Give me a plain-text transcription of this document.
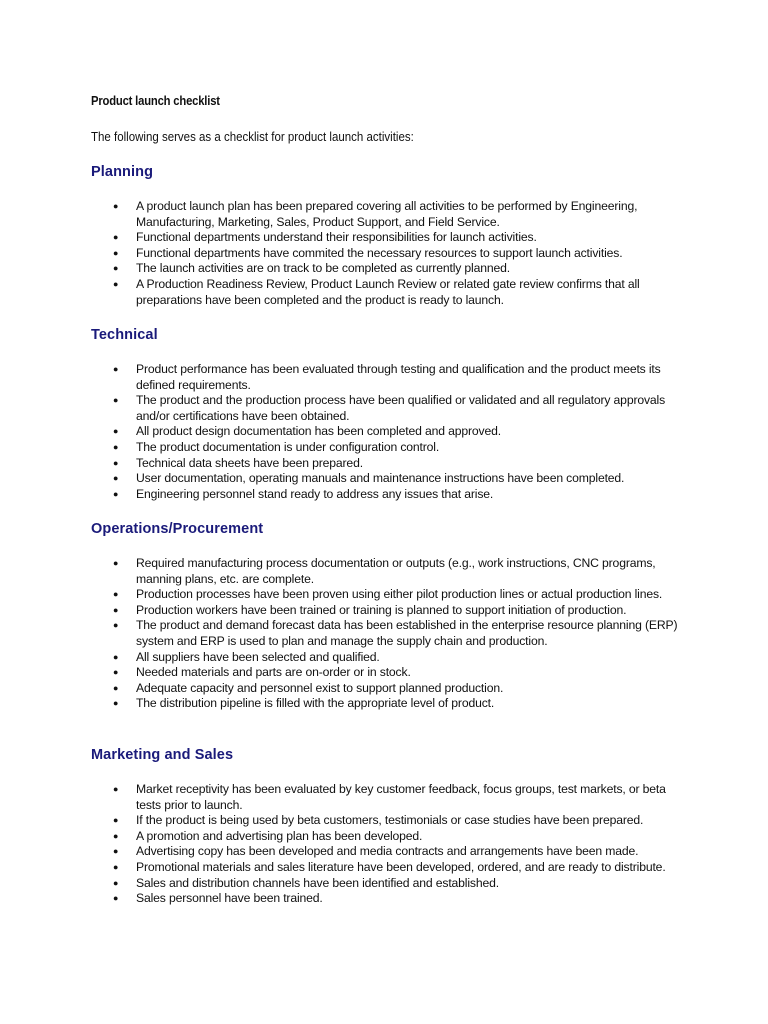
Product launch checklist

The following serves as a checklist for product launch activities:

Planning
● A product launch plan has been prepared covering all activities to be performed by Engineering, Manufacturing, Marketing, Sales, Product Support, and Field Service.
● Functional departments understand their responsibilities for launch activities.
● Functional departments have commited the necessary resources to support launch activities.
● The launch activities are on track to be completed as currently planned.
● A Production Readiness Review, Product Launch Review or related gate review confirms that all preparations have been completed and the product is ready to launch.
Technical
● Product performance has been evaluated through testing and qualification and the product meets its defined requirements.
● The product and the production process have been qualified or validated and all regulatory approvals and/or certifications have been obtained.
● All product design documentation has been completed and approved.
● The product documentation is under configuration control.
● Technical data sheets have been prepared.
● User documentation, operating manuals and maintenance instructions have been completed.
● Engineering personnel stand ready to address any issues that arise.
Operations/Procurement
● Required manufacturing process documentation or outputs (e.g., work instructions, CNC programs, manning plans, etc. are complete.
● Production processes have been proven using either pilot production lines or actual production lines.
● Production workers have been trained or training is planned to support initiation of production.
● The product and demand forecast data has been established in the enterprise resource planning (ERP) system and ERP is used to plan and manage the supply chain and production.
● All suppliers have been selected and qualified.
● Needed materials and parts are on-order or in stock.
● Adequate capacity and personnel exist to support planned production.
● The distribution pipeline is filled with the appropriate level of product.
Marketing and Sales
● Market receptivity has been evaluated by key customer feedback, focus groups, test markets, or beta tests prior to launch.
● If the product is being used by beta customers, testimonials or case studies have been prepared.
● A promotion and advertising plan has been developed.
● Advertising copy has been developed and media contracts and arrangements have been made.
● Promotional materials and sales literature have been developed, ordered, and are ready to distribute.
● Sales and distribution channels have been identified and established.
● Sales personnel have been trained.
